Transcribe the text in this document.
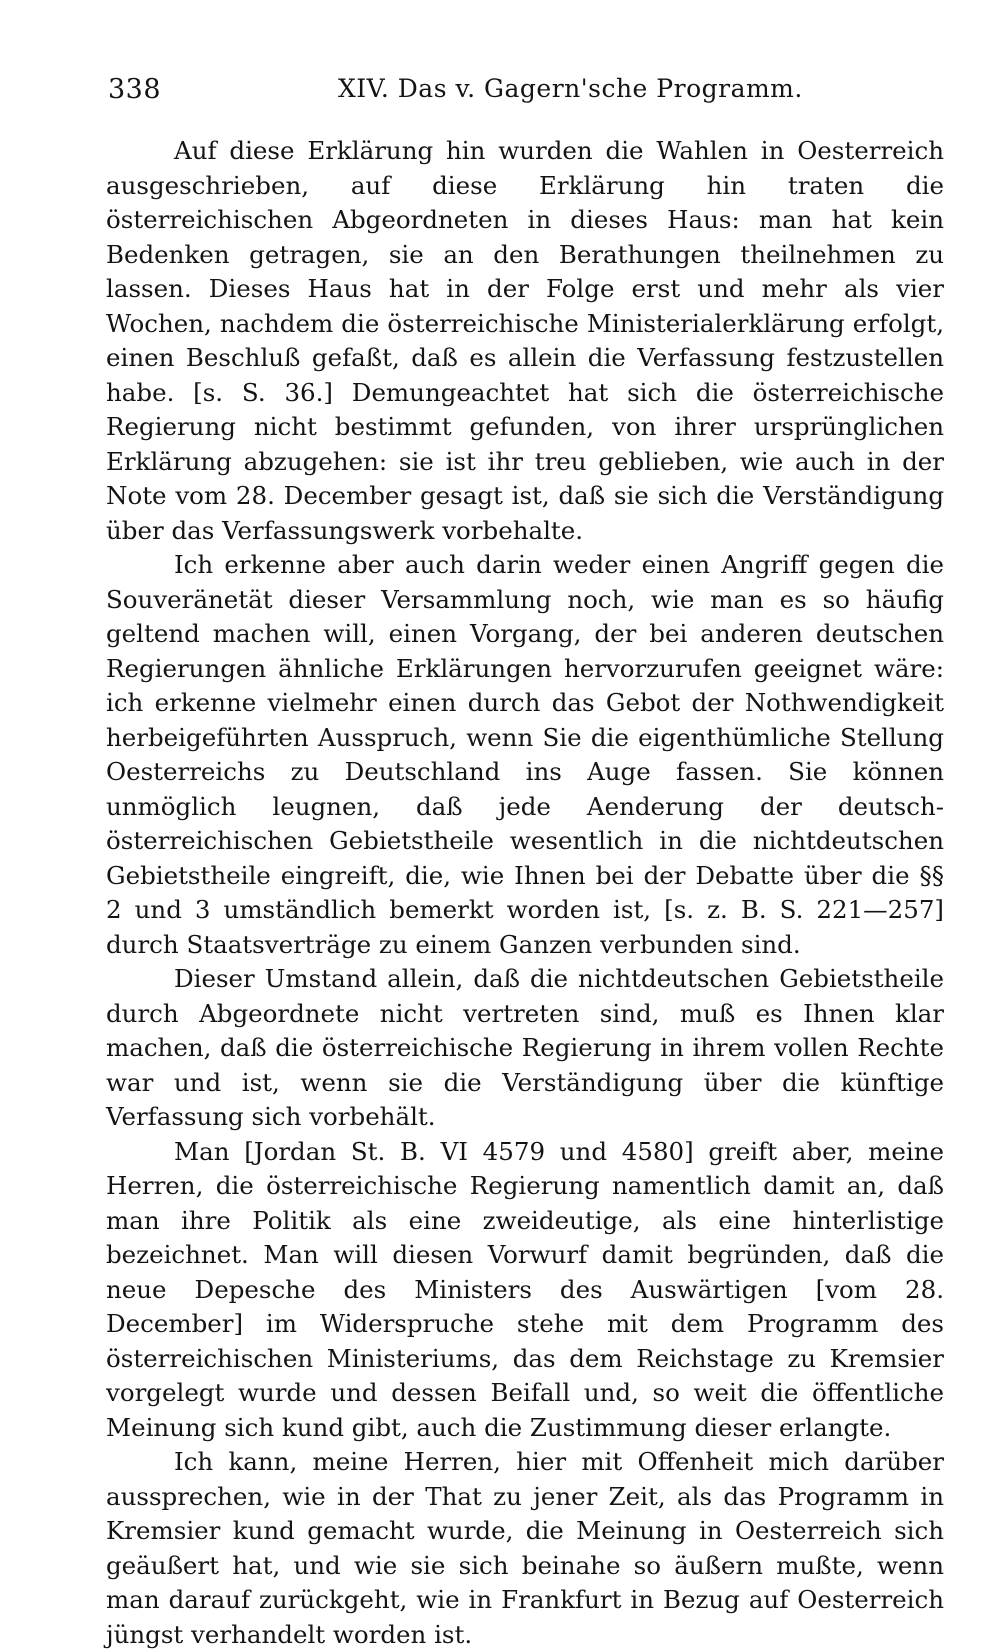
338	XIV. Das v. Gagern'sche Programm.

Auf diese Erklärung hin wurden die Wahlen in Oesterreich ausgeschrieben, auf diese Erklärung hin traten die österreichischen Abgeordneten in dieses Haus: man hat kein Bedenken getragen, sie an den Berathungen theilnehmen zu lassen. Dieses Haus hat in der Folge erst und mehr als vier Wochen, nachdem die österreichische Ministerialerklärung erfolgt, einen Beschluß gefaßt, daß es allein die Verfassung festzustellen habe. [s. S. 36.] Demungeachtet hat sich die österreichische Regierung nicht bestimmt gefunden, von ihrer ursprünglichen Erklärung abzugehen: sie ist ihr treu geblieben, wie auch in der Note vom 28. December gesagt ist, daß sie sich die Verständigung über das Verfassungswerk vorbehalte.

Ich erkenne aber auch darin weder einen Angriff gegen die Souveränetät dieser Versammlung noch, wie man es so häufig geltend machen will, einen Vorgang, der bei anderen deutschen Regierungen ähnliche Erklärungen hervorzurufen geeignet wäre: ich erkenne vielmehr einen durch das Gebot der Nothwendigkeit herbeigeführten Ausspruch, wenn Sie die eigenthümliche Stellung Oesterreichs zu Deutschland ins Auge fassen. Sie können unmöglich leugnen, daß jede Aenderung der deutsch-österreichischen Gebietstheile wesentlich in die nichtdeutschen Gebietstheile eingreift, die, wie Ihnen bei der Debatte über die §§ 2 und 3 umständlich bemerkt worden ist, [s. z. B. S. 221—257] durch Staatsverträge zu einem Ganzen verbunden sind.

Dieser Umstand allein, daß die nichtdeutschen Gebietstheile durch Abgeordnete nicht vertreten sind, muß es Ihnen klar machen, daß die österreichische Regierung in ihrem vollen Rechte war und ist, wenn sie die Verständigung über die künftige Verfassung sich vorbehält.

Man [Jordan St. B. VI 4579 und 4580] greift aber, meine Herren, die österreichische Regierung namentlich damit an, daß man ihre Politik als eine zweideutige, als eine hinterlistige bezeichnet. Man will diesen Vorwurf damit begründen, daß die neue Depesche des Ministers des Auswärtigen [vom 28. December] im Widerspruche stehe mit dem Programm des österreichischen Ministeriums, das dem Reichstage zu Kremsier vorgelegt wurde und dessen Beifall und, so weit die öffentliche Meinung sich kund gibt, auch die Zustimmung dieser erlangte.

Ich kann, meine Herren, hier mit Offenheit mich darüber aussprechen, wie in der That zu jener Zeit, als das Programm in Kremsier kund gemacht wurde, die Meinung in Oesterreich sich geäußert hat, und wie sie sich beinahe so äußern mußte, wenn man darauf zurückgeht, wie in Frankfurt in Bezug auf Oesterreich jüngst verhandelt worden ist.
